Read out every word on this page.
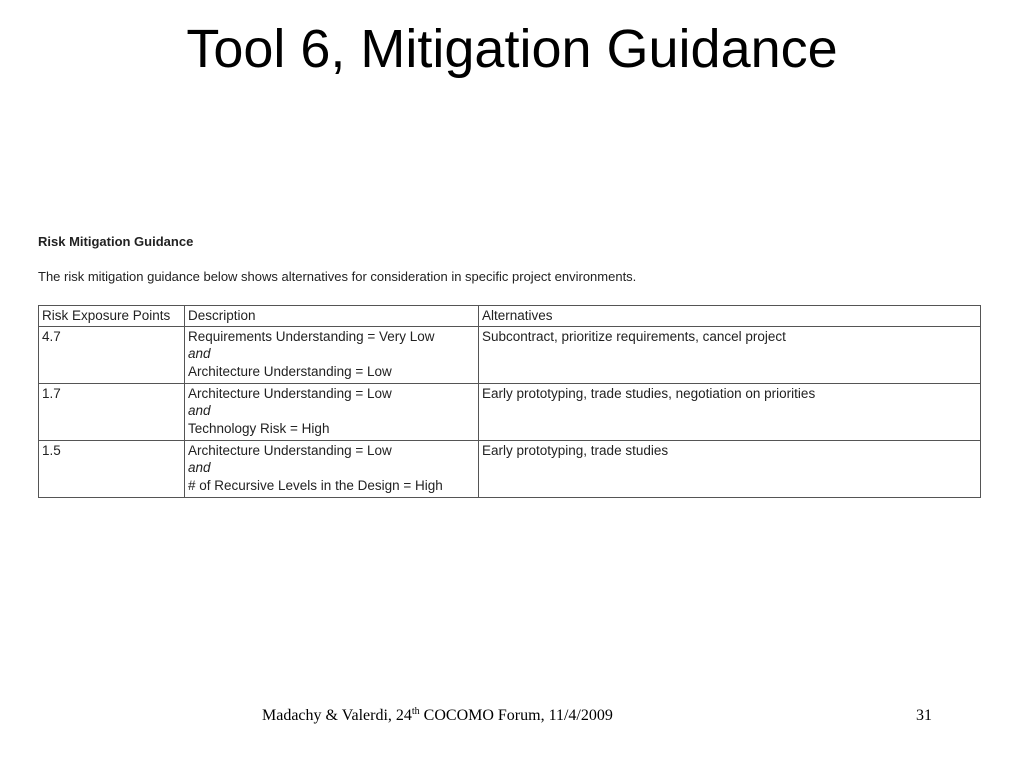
Tool 6, Mitigation Guidance
Risk Mitigation Guidance
The risk mitigation guidance below shows alternatives for consideration in specific project environments.
Risk Exposure Points	Description	Alternatives
4.7	Requirements Understanding = Very Low
and
Architecture Understanding = Low	Subcontract, prioritize requirements, cancel project
1.7	Architecture Understanding = Low
and
Technology Risk = High	Early prototyping, trade studies, negotiation on priorities
1.5	Architecture Understanding = Low
and
# of Recursive Levels in the Design = High	Early prototyping, trade studies
Madachy & Valerdi, 24th COCOMO Forum, 11/4/2009	31
